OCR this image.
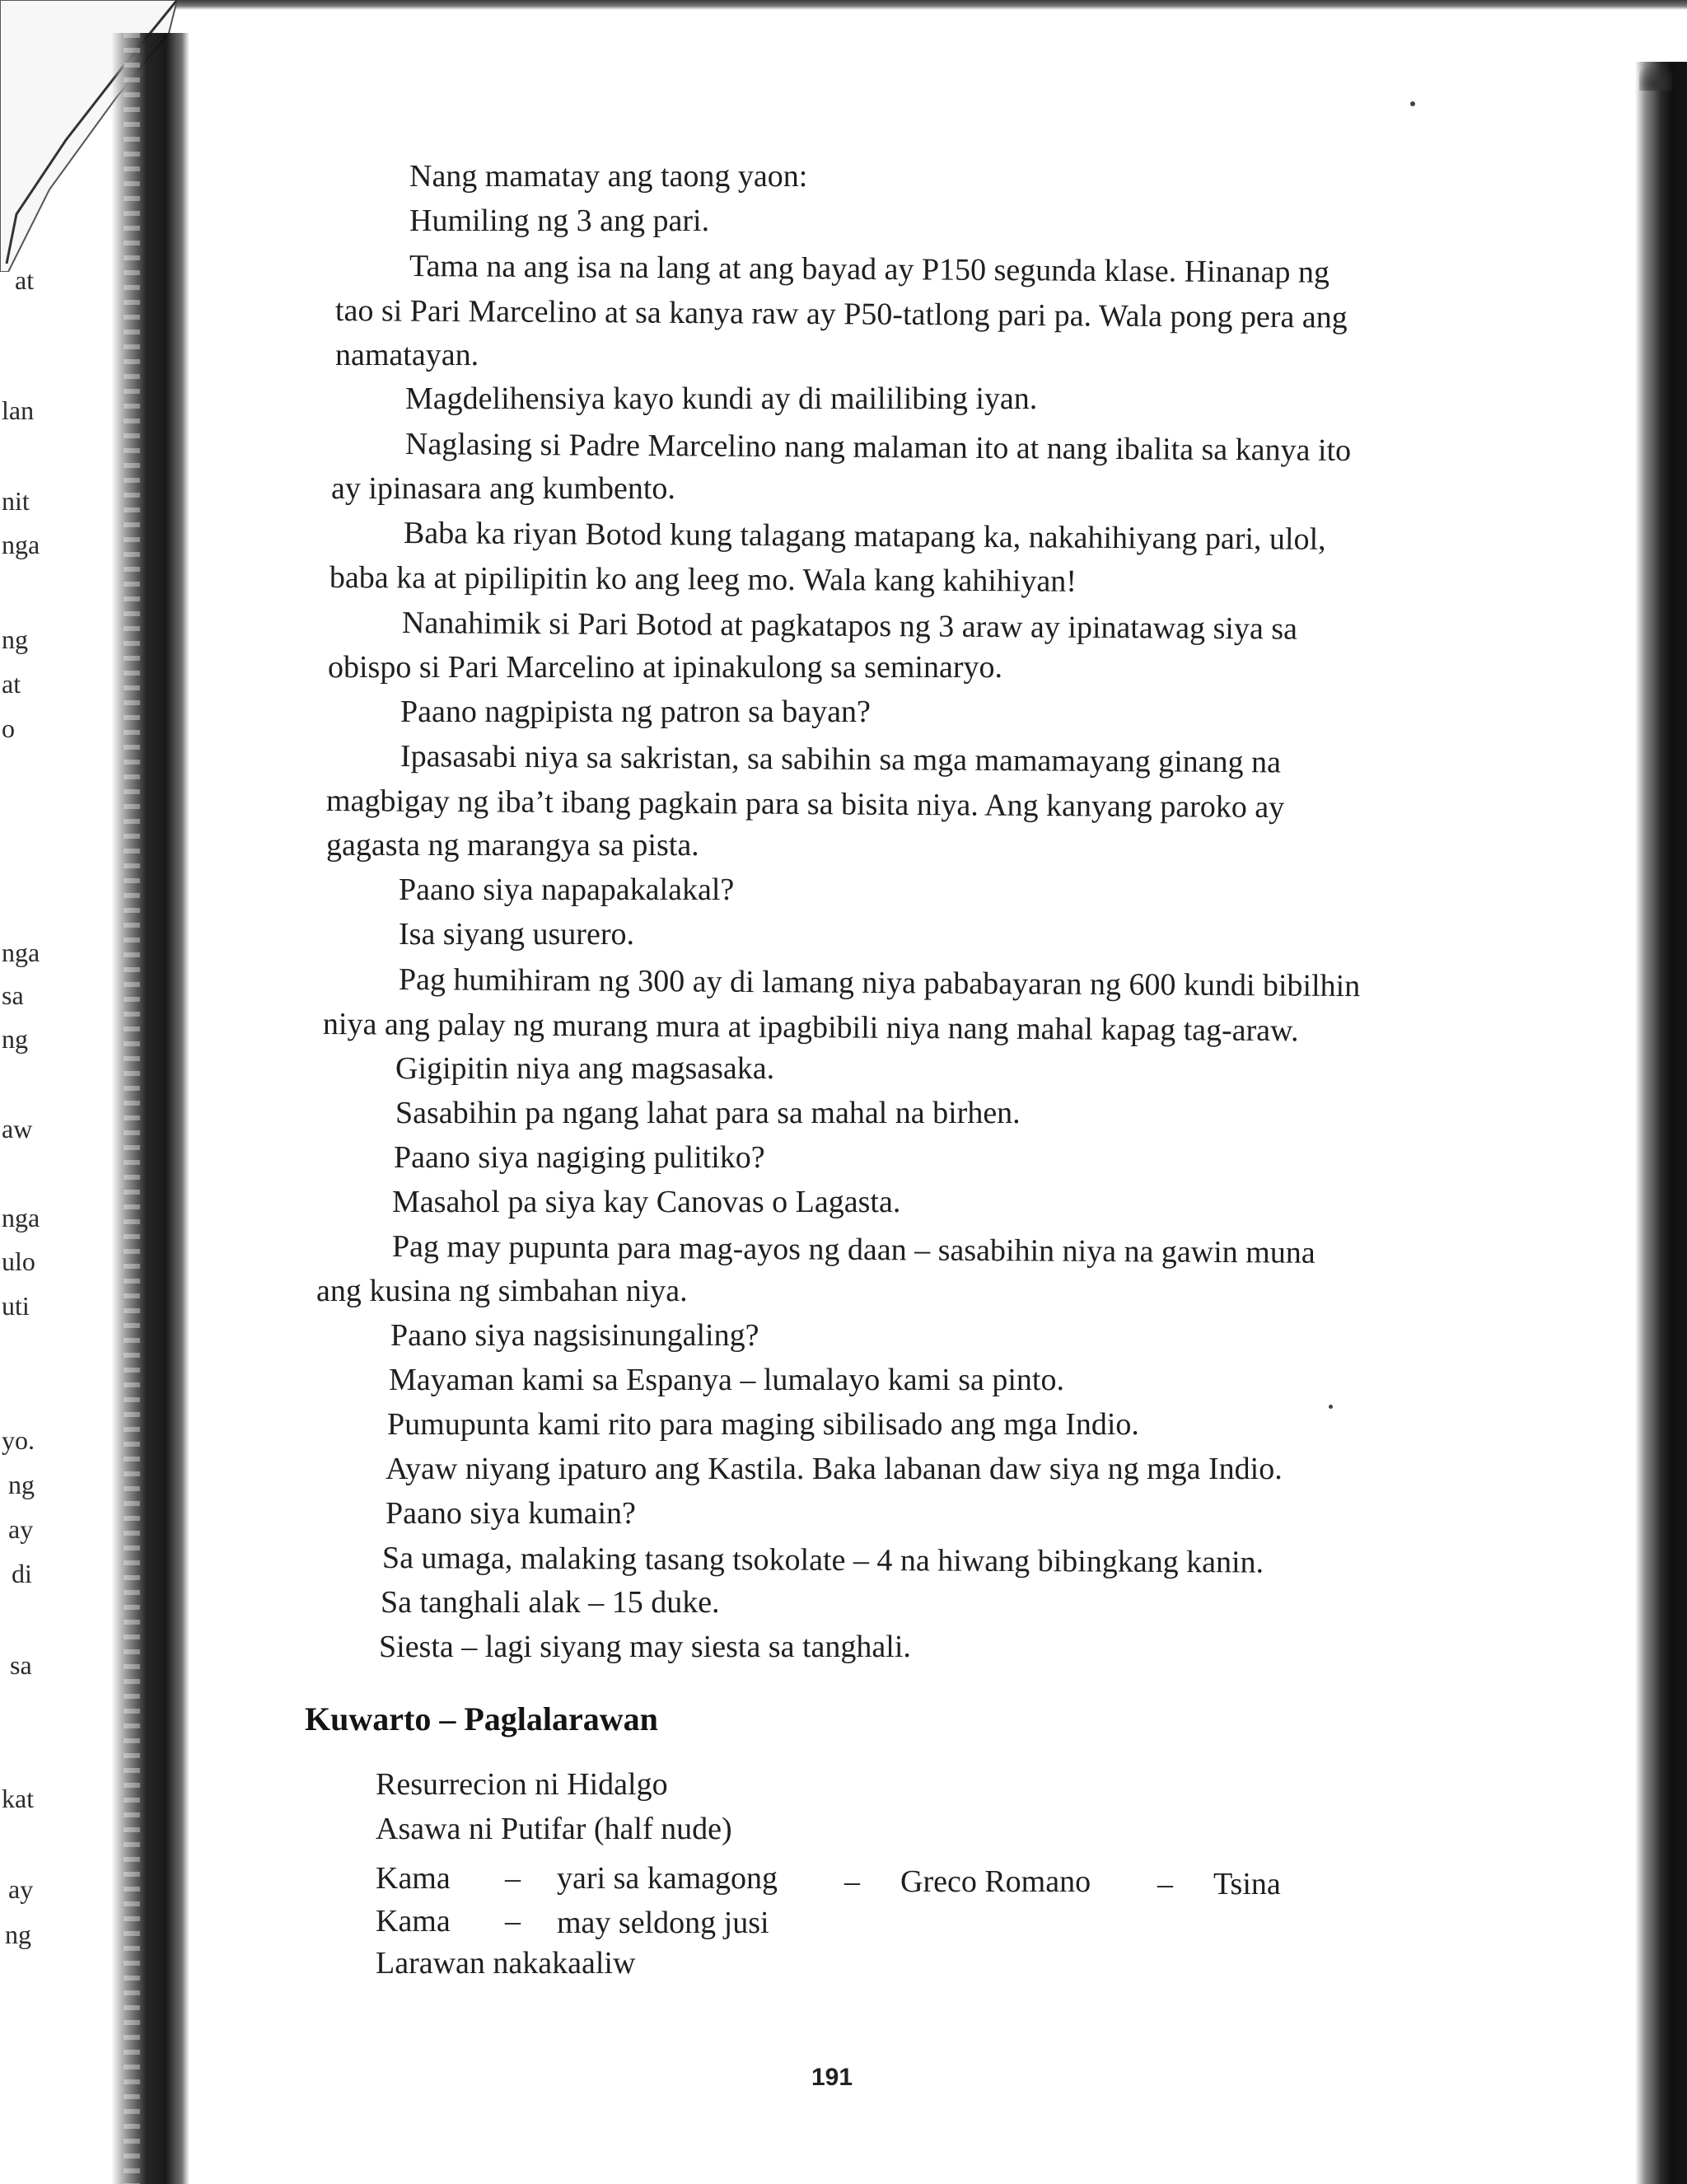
at
lan
nit
nga
ng
at
o
nga
sa
ng
aw
nga
ulo
uti
yo.
ng
ay
di
sa
kat
ay
ng
Nang mamatay ang taong yaon:
Humiling ng 3 ang pari.
Tama na ang isa na lang at ang bayad ay P150 segunda klase. Hinanap ng
tao si Pari Marcelino at sa kanya raw ay P50-tatlong pari pa. Wala pong pera ang
namatayan.
Magdelihensiya kayo kundi ay di maililibing iyan.
Naglasing si Padre Marcelino nang malaman ito at nang ibalita sa kanya ito
ay ipinasara ang kumbento.
Baba ka riyan Botod kung talagang matapang ka, nakahihiyang pari, ulol,
baba ka at pipilipitin ko ang leeg mo. Wala kang kahihiyan!
Nanahimik si Pari Botod at pagkatapos ng 3 araw ay ipinatawag siya sa
obispo si Pari Marcelino at ipinakulong sa seminaryo.
Paano nagpipista ng patron sa bayan?
Ipasasabi niya sa sakristan, sa sabihin sa mga mamamayang ginang na
magbigay ng iba’t ibang pagkain para sa bisita niya. Ang kanyang paroko ay
gagasta ng marangya sa pista.
Paano siya napapakalakal?
Isa siyang usurero.
Pag humihiram ng 300 ay di lamang niya pababayaran ng 600 kundi bibilhin
niya ang palay ng murang mura at ipagbibili niya nang mahal kapag tag-araw.
Gigipitin niya ang magsasaka.
Sasabihin pa ngang lahat para sa mahal na birhen.
Paano siya nagiging pulitiko?
Masahol pa siya kay Canovas o Lagasta.
Pag may pupunta para mag-ayos ng daan – sasabihin niya na gawin muna
ang kusina ng simbahan niya.
Paano siya nagsisinungaling?
Mayaman kami sa Espanya – lumalayo kami sa pinto.
Pumupunta kami rito para maging sibilisado ang mga Indio.
Ayaw niyang ipaturo ang Kastila. Baka labanan daw siya ng mga Indio.
Paano siya kumain?
Sa umaga, malaking tasang tsokolate – 4 na hiwang bibingkang kanin.
Sa tanghali alak – 15 duke.
Siesta – lagi siyang may siesta sa tanghali.
Kuwarto – Paglalarawan
Resurrecion ni Hidalgo
Asawa ni Putifar (half nude)
Kama – yari sa kamagong – Greco Romano – Tsina
Kama – may seldong jusi
Larawan nakakaaliw
191
